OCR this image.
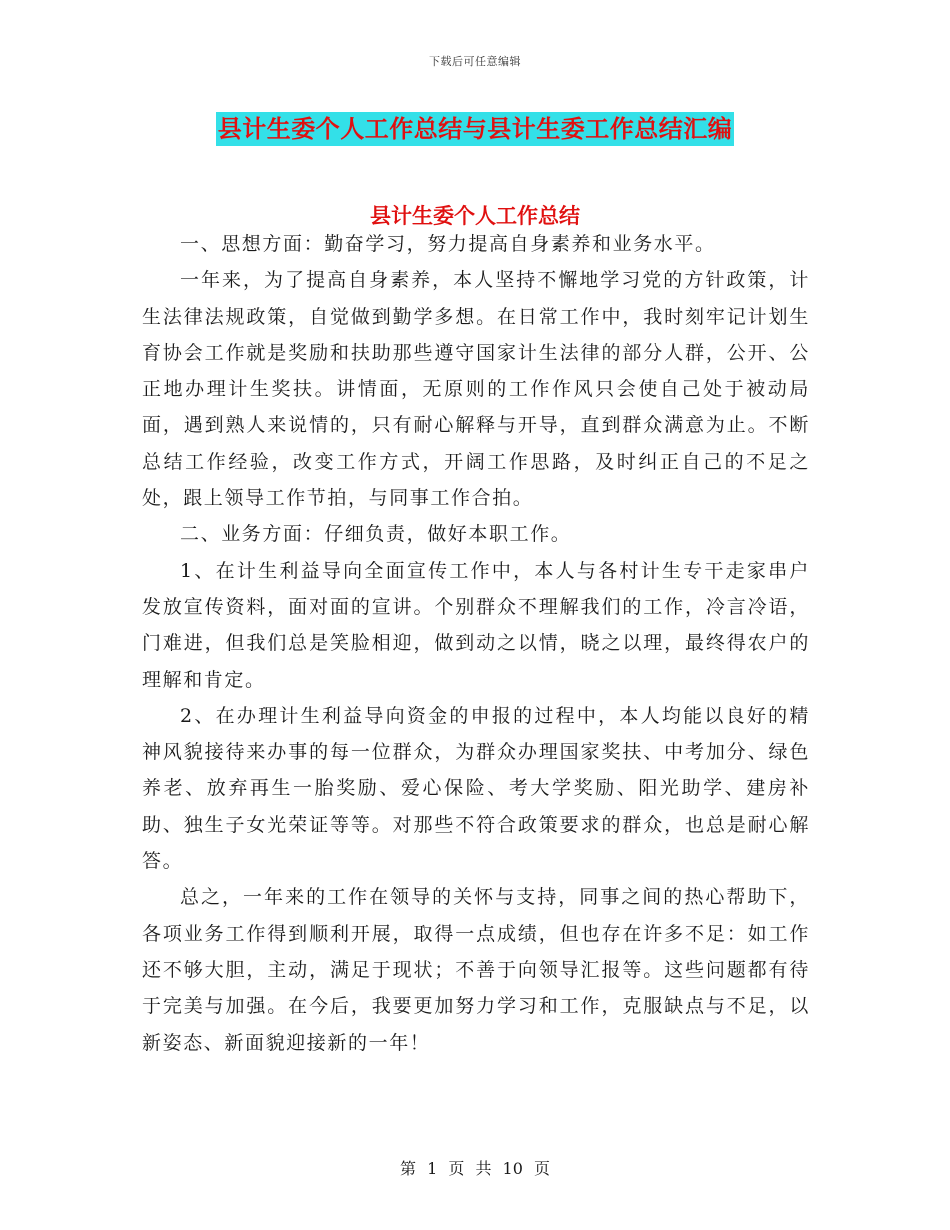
下载后可任意编辑
县计生委个人工作总结与县计生委工作总结汇编
县计生委个人工作总结

一、思想方面：勤奋学习，努力提高自身素养和业务水平。

一年来，为了提高自身素养，本人坚持不懈地学习党的方针政策，计生法律法规政策，自觉做到勤学多想。在日常工作中，我时刻牢记计划生育协会工作就是奖励和扶助那些遵守国家计生法律的部分人群，公开、公正地办理计生奖扶。讲情面，无原则的工作作风只会使自己处于被动局面，遇到熟人来说情的，只有耐心解释与开导，直到群众满意为止。不断总结工作经验，改变工作方式，开阔工作思路，及时纠正自己的不足之处，跟上领导工作节拍，与同事工作合拍。

二、业务方面：仔细负责，做好本职工作。

1、在计生利益导向全面宣传工作中，本人与各村计生专干走家串户发放宣传资料，面对面的宣讲。个别群众不理解我们的工作，冷言冷语，门难进，但我们总是笑脸相迎，做到动之以情，晓之以理，最终得农户的理解和肯定。

2、在办理计生利益导向资金的申报的过程中，本人均能以良好的精神风貌接待来办事的每一位群众，为群众办理国家奖扶、中考加分、绿色养老、放弃再生一胎奖励、爱心保险、考大学奖励、阳光助学、建房补助、独生子女光荣证等等。对那些不符合政策要求的群众，也总是耐心解答。

总之，一年来的工作在领导的关怀与支持，同事之间的热心帮助下，各项业务工作得到顺利开展，取得一点成绩，但也存在许多不足：如工作还不够大胆，主动，满足于现状；不善于向领导汇报等。这些问题都有待于完美与加强。在今后，我要更加努力学习和工作，克服缺点与不足，以新姿态、新面貌迎接新的一年！

第 1 页 共 10 页
